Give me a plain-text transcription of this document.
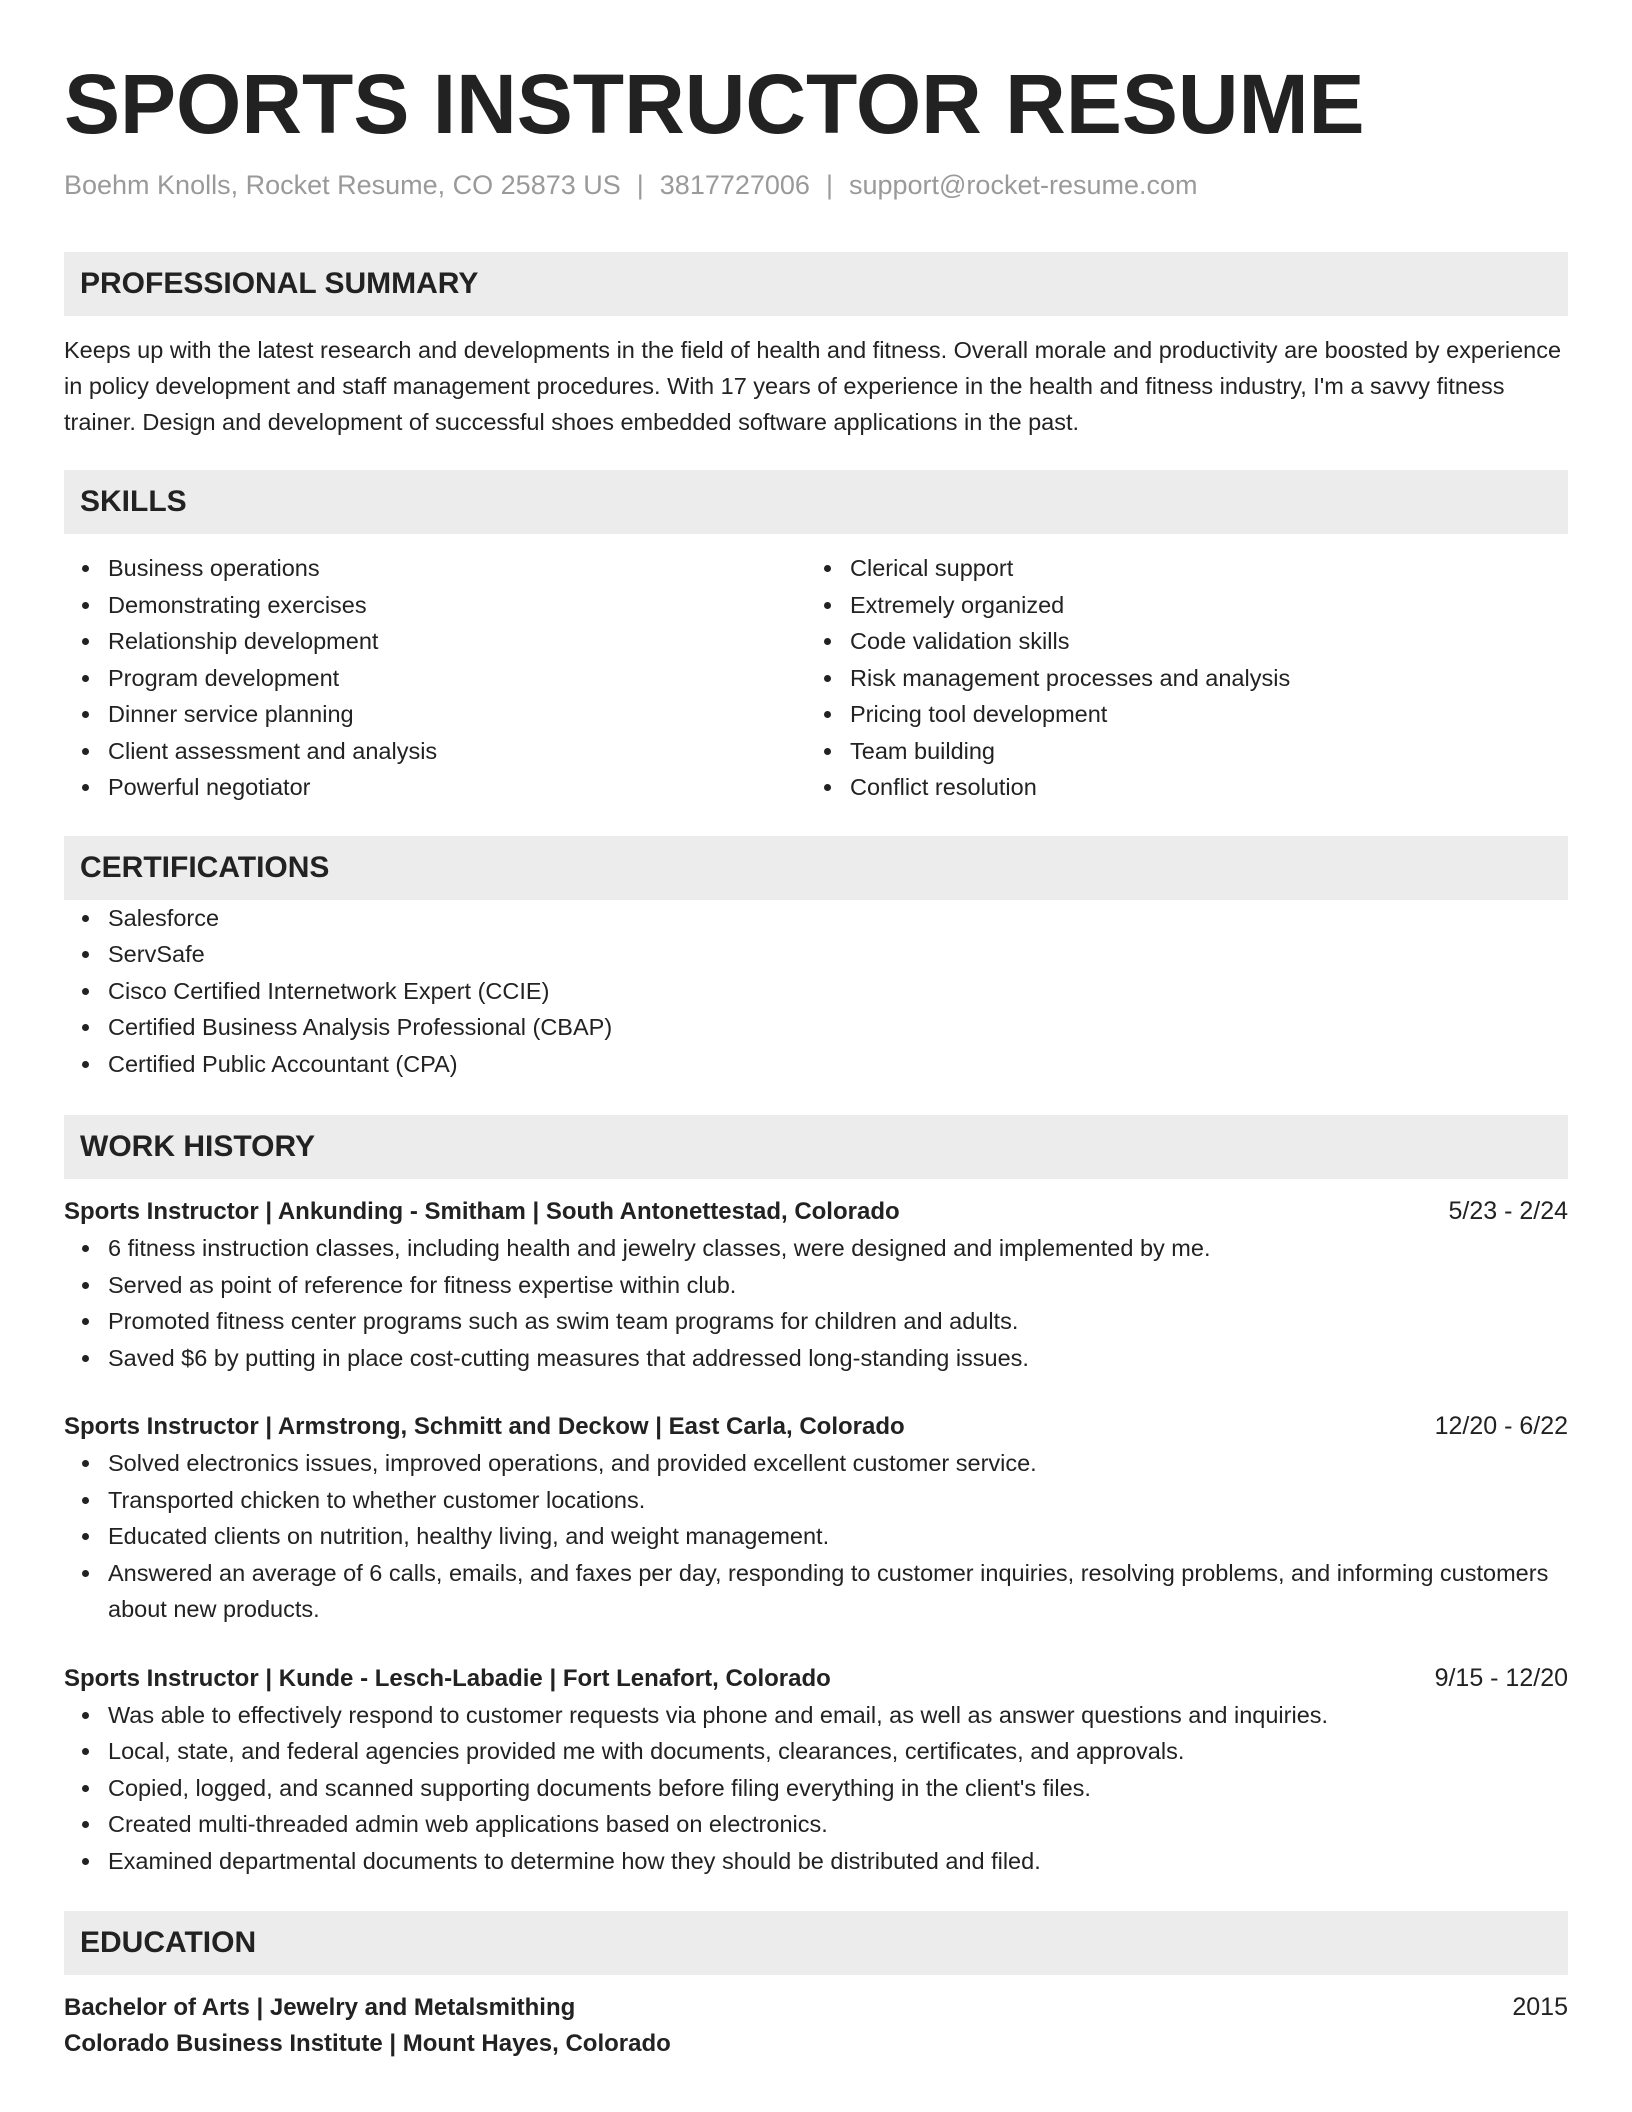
SPORTS INSTRUCTOR RESUME
Boehm Knolls, Rocket Resume, CO 25873 US | 3817727006 | support@rocket-resume.com
PROFESSIONAL SUMMARY

Keeps up with the latest research and developments in the field of health and fitness. Overall morale and productivity are boosted by experience in policy development and staff management procedures. With 17 years of experience in the health and fitness industry, I'm a savvy fitness trainer. Design and development of successful shoes embedded software applications in the past.

SKILLS
Business operations
Demonstrating exercises
Relationship development
Program development
Dinner service planning
Client assessment and analysis
Powerful negotiator
Clerical support
Extremely organized
Code validation skills
Risk management processes and analysis
Pricing tool development
Team building
Conflict resolution
CERTIFICATIONS
Salesforce
ServSafe
Cisco Certified Internetwork Expert (CCIE)
Certified Business Analysis Professional (CBAP)
Certified Public Accountant (CPA)
WORK HISTORY
Sports Instructor | Ankunding - Smitham | South Antonettestad, Colorado	5/23 - 2/24
6 fitness instruction classes, including health and jewelry classes, were designed and implemented by me.
Served as point of reference for fitness expertise within club.
Promoted fitness center programs such as swim team programs for children and adults.
Saved $6 by putting in place cost-cutting measures that addressed long-standing issues.
Sports Instructor | Armstrong, Schmitt and Deckow | East Carla, Colorado	12/20 - 6/22
Solved electronics issues, improved operations, and provided excellent customer service.
Transported chicken to whether customer locations.
Educated clients on nutrition, healthy living, and weight management.
Answered an average of 6 calls, emails, and faxes per day, responding to customer inquiries, resolving problems, and informing customers about new products.
Sports Instructor | Kunde - Lesch-Labadie | Fort Lenafort, Colorado	9/15 - 12/20
Was able to effectively respond to customer requests via phone and email, as well as answer questions and inquiries.
Local, state, and federal agencies provided me with documents, clearances, certificates, and approvals.
Copied, logged, and scanned supporting documents before filing everything in the client's files.
Created multi-threaded admin web applications based on electronics.
Examined departmental documents to determine how they should be distributed and filed.
EDUCATION
Bachelor of Arts | Jewelry and Metalsmithing	2015
Colorado Business Institute | Mount Hayes, Colorado
